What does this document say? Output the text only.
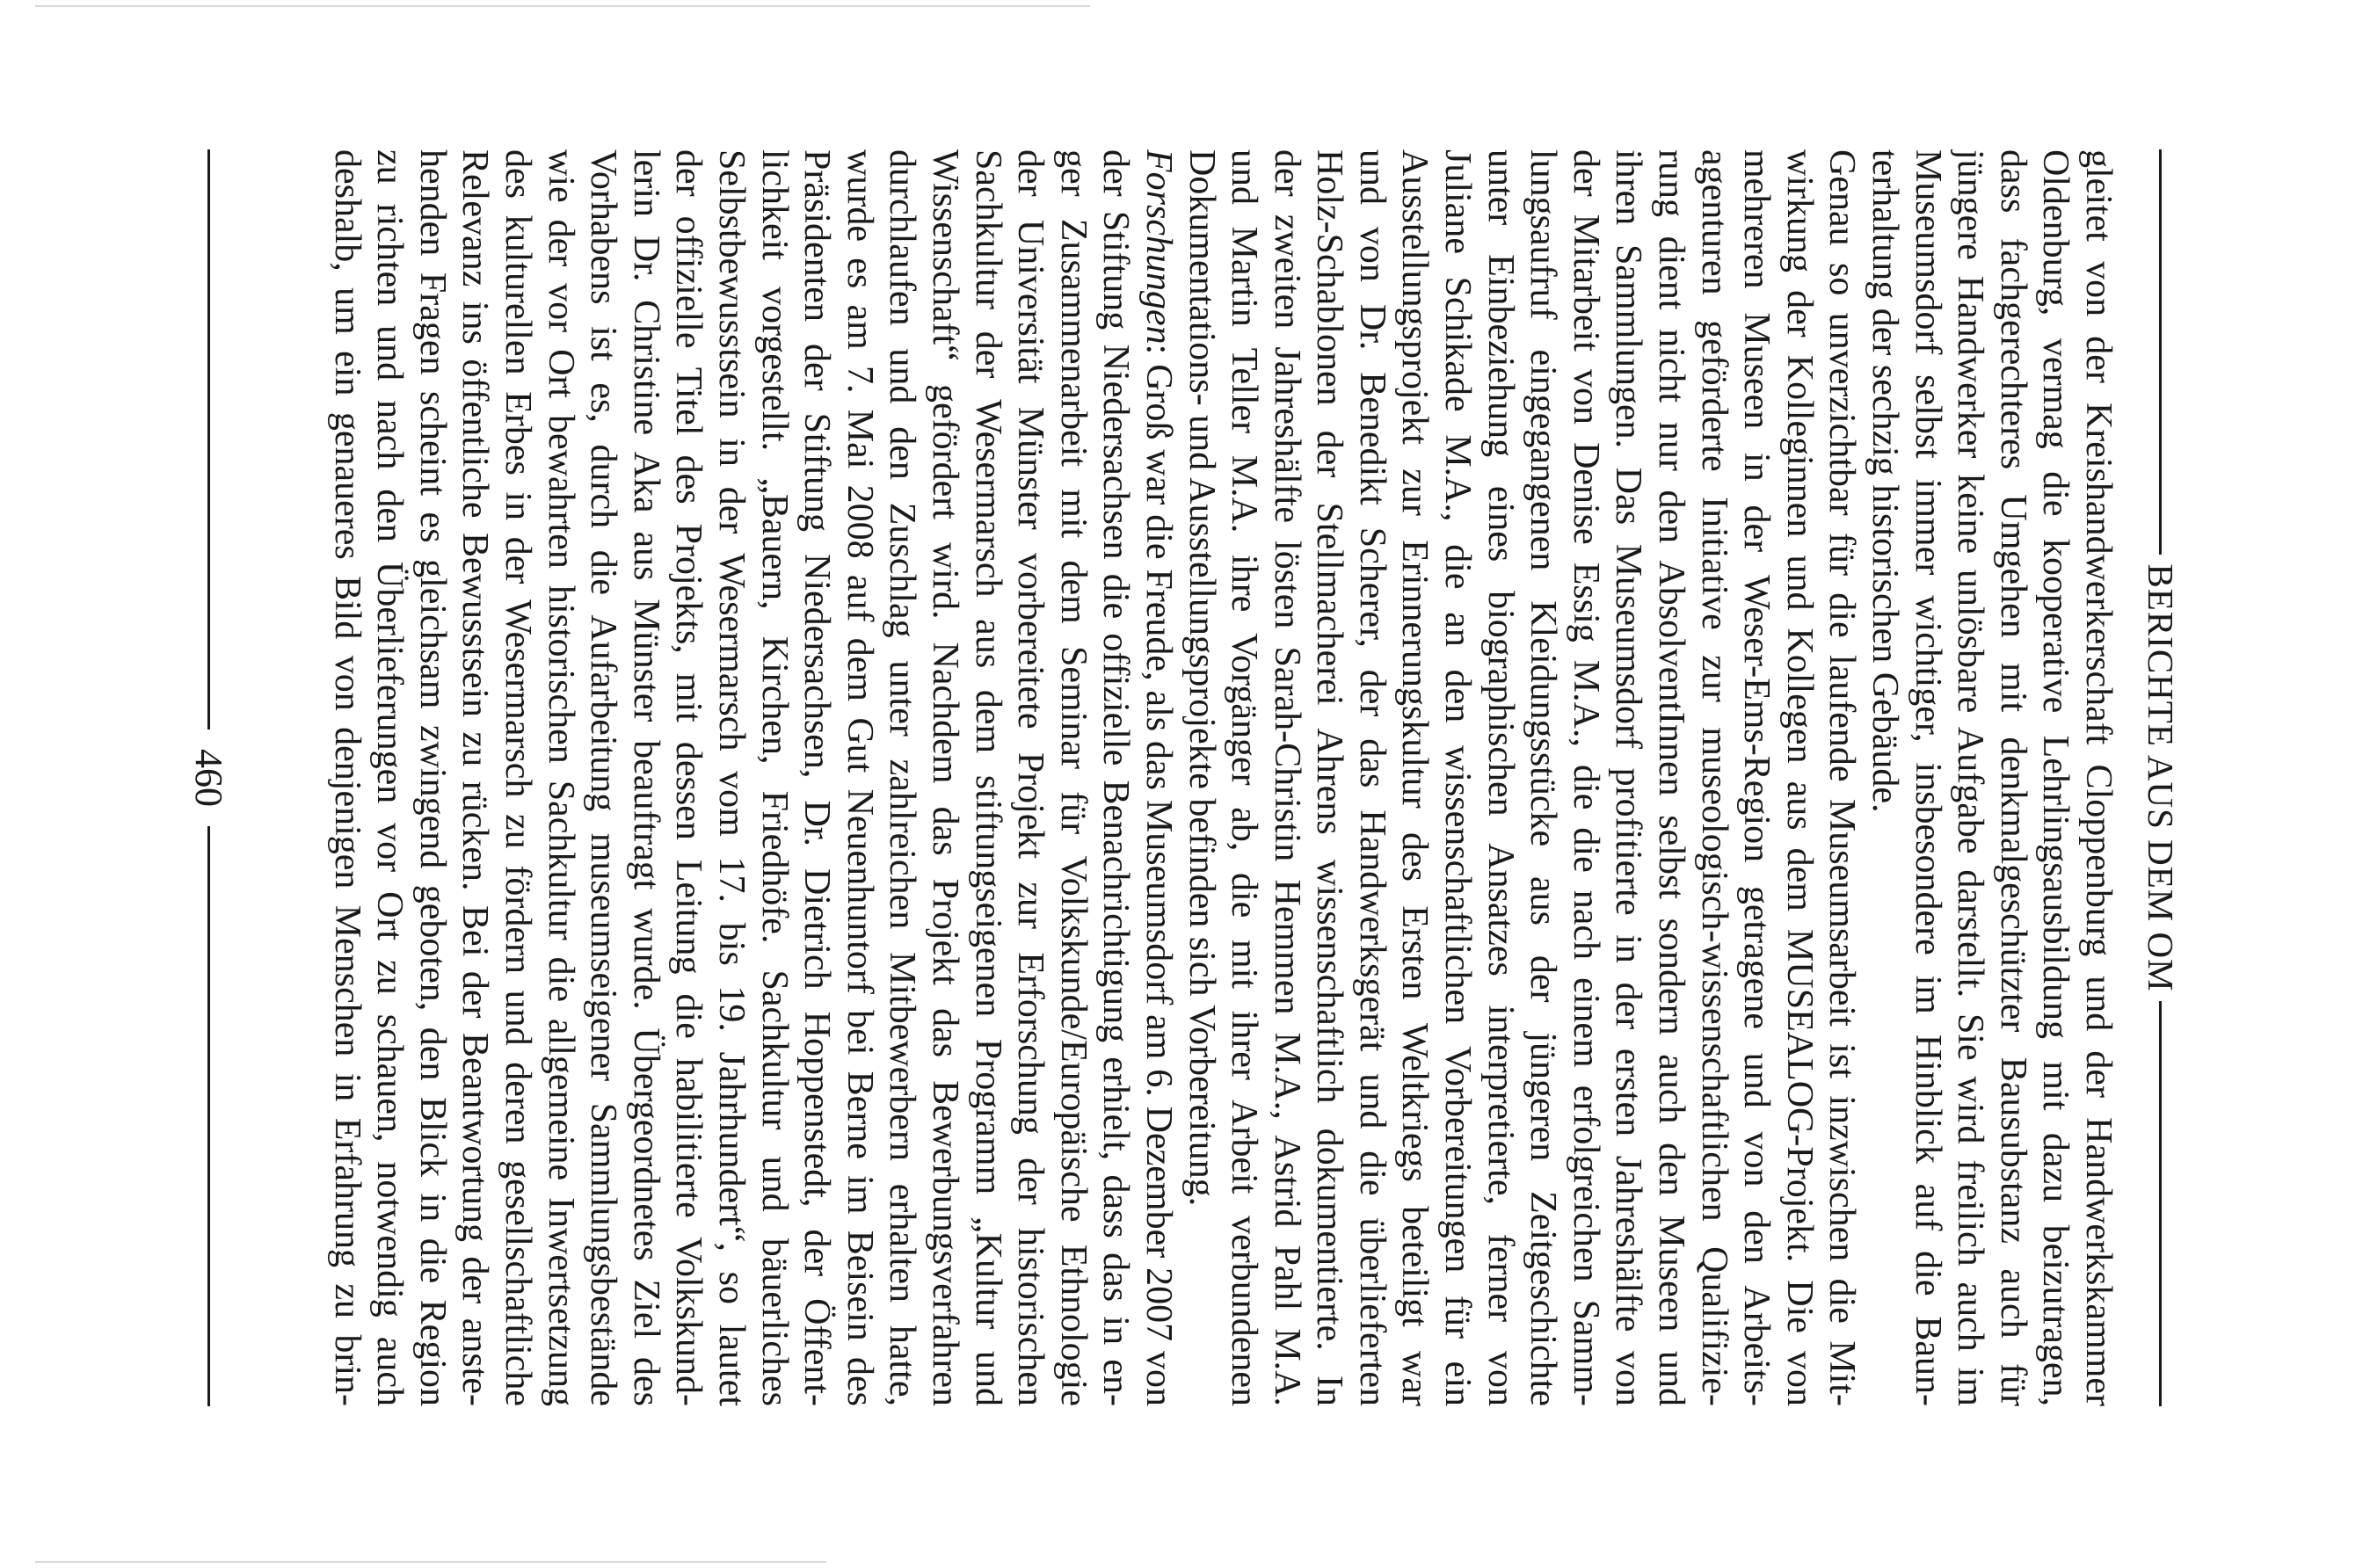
BERICHTE AUS DEM OM
gleitet von der Kreishandwerkerschaft Cloppenburg und der Handwerkskammer
Oldenburg, vermag die kooperative Lehrlingsausbildung mit dazu beizutragen,
dass fachgerechteres Umgehen mit denkmalgeschützter Bausubstanz auch für
jüngere Handwerker keine unlösbare Aufgabe darstellt. Sie wird freilich auch im
Museumsdorf selbst immer wichtiger, insbesondere im Hinblick auf die Baun-
terhaltung der sechzig historischen Gebäude.
Genau so unverzichtbar für die laufende Museumsarbeit ist inzwischen die Mit-
wirkung der Kolleginnen und Kollegen aus dem MUSEALOG-Projekt. Die von
mehreren Museen in der Weser-Ems-Region getragene und von den Arbeits-
agenturen geförderte Initiative zur museologisch-wissenschaftlichen Qualifizie-
rung dient nicht nur den AbsolventInnen selbst sondern auch den Museen und
ihren Sammlungen. Das Museumsdorf profitierte in der ersten Jahreshälfte von
der Mitarbeit von Denise Essig M.A., die die nach einem erfolgreichen Samm-
lungsaufruf eingegangenen Kleidungsstücke aus der jüngeren Zeitgeschichte
unter Einbeziehung eines biographischen Ansatzes interpretierte, ferner von
Juliane Schikade M.A., die an den wissenschaftlichen Vorbereitungen für ein
Ausstellungsprojekt zur Erinnerungskultur des Ersten Weltkriegs beteiligt war
und von Dr. Benedikt Scherer, der das Handwerksgerät und die überlieferten
Holz-Schablonen der Stellmacherei Ahrens wissenschaftlich dokumentierte. In
der zweiten Jahreshälfte lösten Sarah-Christin Hemmen M.A., Astrid Pahl M.A.
und Martin Teller M.A. ihre Vorgänger ab, die mit ihrer Arbeit verbundenen
Dokumentations- und Ausstellungsprojekte befinden sich Vorbereitung.
Forschungen: Groß war die Freude, als das Museumsdorf am 6. Dezember 2007 von
der Stiftung Niedersachsen die offizielle Benachrichtigung erhielt, dass das in en-
ger Zusammenarbeit mit dem Seminar für Volkskunde/Europäische Ethnologie
der Universität Münster vorbereitete Projekt zur Erforschung der historischen
Sachkultur der Wesermarsch aus dem stiftungseigenen Programm „Kultur und
Wissenschaft“ gefördert wird. Nachdem das Projekt das Bewerbungsverfahren
durchlaufen und den Zuschlag unter zahlreichen Mitbewerbern erhalten hatte,
wurde es am 7. Mai 2008 auf dem Gut Neuenhuntorf bei Berne im Beisein des
Präsidenten der Stiftung Niedersachsen, Dr. Dietrich Hoppenstedt, der Öffent-
lichkeit vorgestellt. „Bauern, Kirchen, Friedhöfe. Sachkultur und bäuerliches
Selbstbewusstsein in der Wesermarsch vom 17. bis 19. Jahrhundert“, so lautet
der offizielle Titel des Projekts, mit dessen Leitung die habilitierte Volkskund-
lerin Dr. Christine Aka aus Münster beauftragt wurde. Übergeordnetes Ziel des
Vorhabens ist es, durch die Aufarbeitung museumseigener Sammlungsbestände
wie der vor Ort bewahrten historischen Sachkultur die allgemeine Inwertsetzung
des kulturellen Erbes in der Wesermarsch zu fördern und deren gesellschaftliche
Relevanz ins öffentliche Bewusstsein zu rücken. Bei der Beantwortung der anste-
henden Fragen scheint es gleichsam zwingend geboten, den Blick in die Region
zu richten und nach den Überlieferungen vor Ort zu schauen, notwendig auch
deshalb, um ein genaueres Bild von denjenigen Menschen in Erfahrung zu brin-
460
